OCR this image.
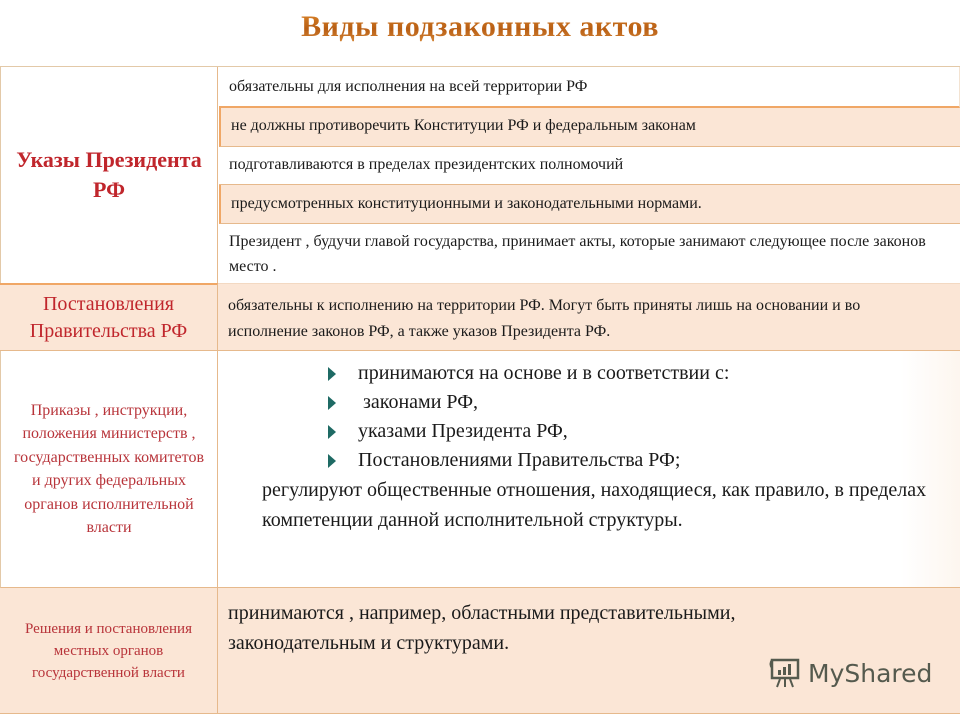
Виды подзаконных актов
Указы Президента РФ
обязательны для исполнения на всей территории РФ
не должны противоречить Конституции РФ и федеральным законам
подготавливаются в пределах президентских полномочий
предусмотренных конституционными и законодательными нормами.
Президент , будучи главой государства, принимает акты, которые занимают следующее после законов место .
Постановления Правительства РФ
обязательны к исполнению на территории РФ. Могут быть приняты лишь на основании и во исполнение законов РФ, а также указов Президента РФ.
Приказы , инструкции, положения министерств , государственных комитетов и других федеральных органов исполнительной власти
принимаются на основе и в соответствии с:
законами РФ,
указами Президента РФ,
Постановлениями Правительства РФ;
регулируют общественные отношения, находящиеся, как правило, в пределах компетенции данной исполнительной структуры.
Решения и постановления местных органов государственной власти
принимаются , например, областными представительными, законодательным и структурами.
MyShared
